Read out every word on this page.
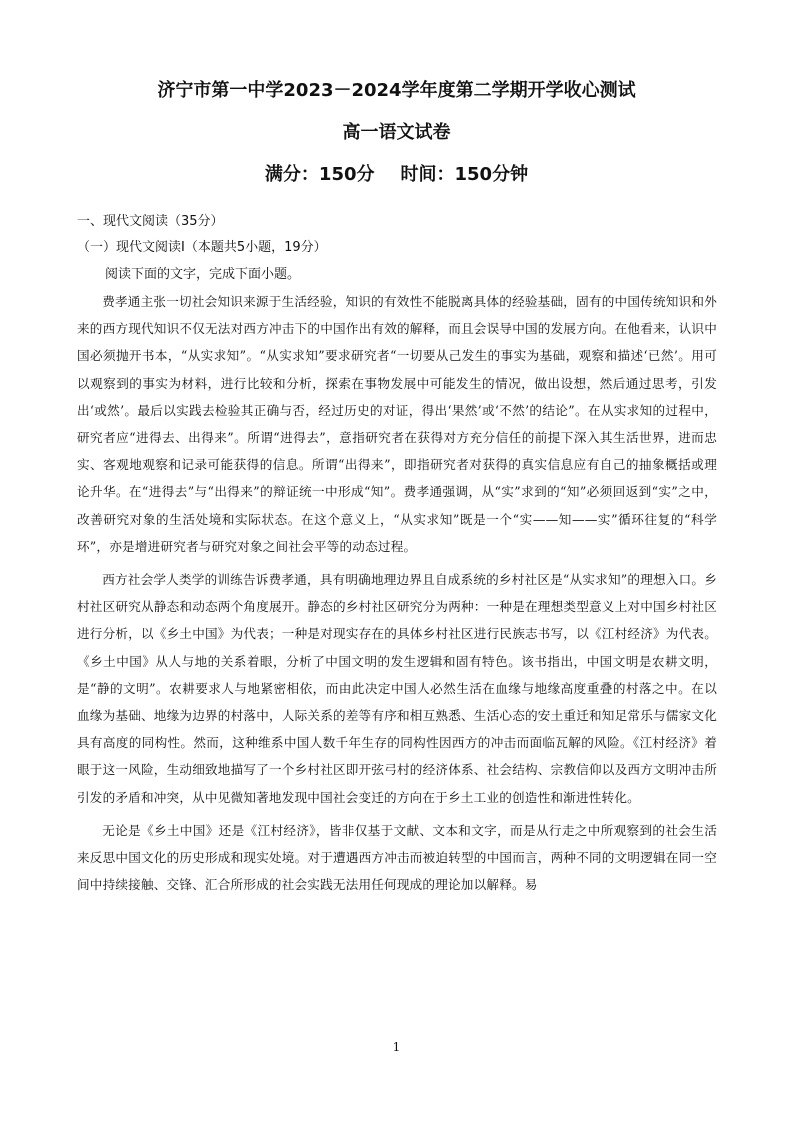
济宁市第一中学2023－2024学年度第二学期开学收心测试
高一语文试卷
满分：150分 时间：150分钟
一、现代文阅读（35分）
（一）现代文阅读Ⅰ（本题共5小题，19分）
阅读下面的文字，完成下面小题。

费孝通主张一切社会知识来源于生活经验，知识的有效性不能脱离具体的经验基础，固有的中国传统知识和外来的西方现代知识不仅无法对西方冲击下的中国作出有效的解释，而且会误导中国的发展方向。在他看来，认识中国必须抛开书本，“从实求知”。“从实求知”要求研究者“一切要从己发生的事实为基础，观察和描述‘已然’。用可以观察到的事实为材料，进行比较和分析，探索在事物发展中可能发生的情况，做出设想，然后通过思考，引发出‘或然’。最后以实践去检验其正确与否，经过历史的对证，得出‘果然’或‘不然’的结论”。在从实求知的过程中，研究者应“进得去、出得来”。所谓“进得去”，意指研究者在获得对方充分信任的前提下深入其生活世界，进而忠实、客观地观察和记录可能获得的信息。所谓“出得来”，即指研究者对获得的真实信息应有自己的抽象概括或理论升华。在“进得去”与“出得来”的辩证统一中形成“知”。费孝通强调，从“实”求到的“知”必须回返到“实”之中，改善研究对象的生活处境和实际状态。在这个意义上，“从实求知”既是一个“实——知——实”循环往复的“科学环”，亦是增进研究者与研究对象之间社会平等的动态过程。

西方社会学人类学的训练告诉费孝通，具有明确地理边界且自成系统的乡村社区是“从实求知”的理想入口。乡村社区研究从静态和动态两个角度展开。静态的乡村社区研究分为两种：一种是在理想类型意义上对中国乡村社区进行分析，以《乡土中国》为代表；一种是对现实存在的具体乡村社区进行民族志书写，以《江村经济》为代表。《乡土中国》从人与地的关系着眼，分析了中国文明的发生逻辑和固有特色。该书指出，中国文明是农耕文明，是“静的文明”。农耕要求人与地紧密相依，而由此决定中国人必然生活在血缘与地缘高度重叠的村落之中。在以血缘为基础、地缘为边界的村落中，人际关系的差等有序和相互熟悉、生活心态的安土重迁和知足常乐与儒家文化具有高度的同构性。然而，这种维系中国人数千年生存的同构性因西方的冲击而面临瓦解的风险。《江村经济》着眼于这一风险，生动细致地描写了一个乡村社区即开弦弓村的经济体系、社会结构、宗教信仰以及西方文明冲击所引发的矛盾和冲突，从中见微知著地发现中国社会变迁的方向在于乡土工业的创造性和渐进性转化。

无论是《乡土中国》还是《江村经济》，皆非仅基于文献、文本和文字，而是从行走之中所观察到的社会生活来反思中国文化的历史形成和现实处境。对于遭遇西方冲击而被迫转型的中国而言，两种不同的文明逻辑在同一空间中持续接触、交锋、汇合所形成的社会实践无法用任何现成的理论加以解释。易

1
